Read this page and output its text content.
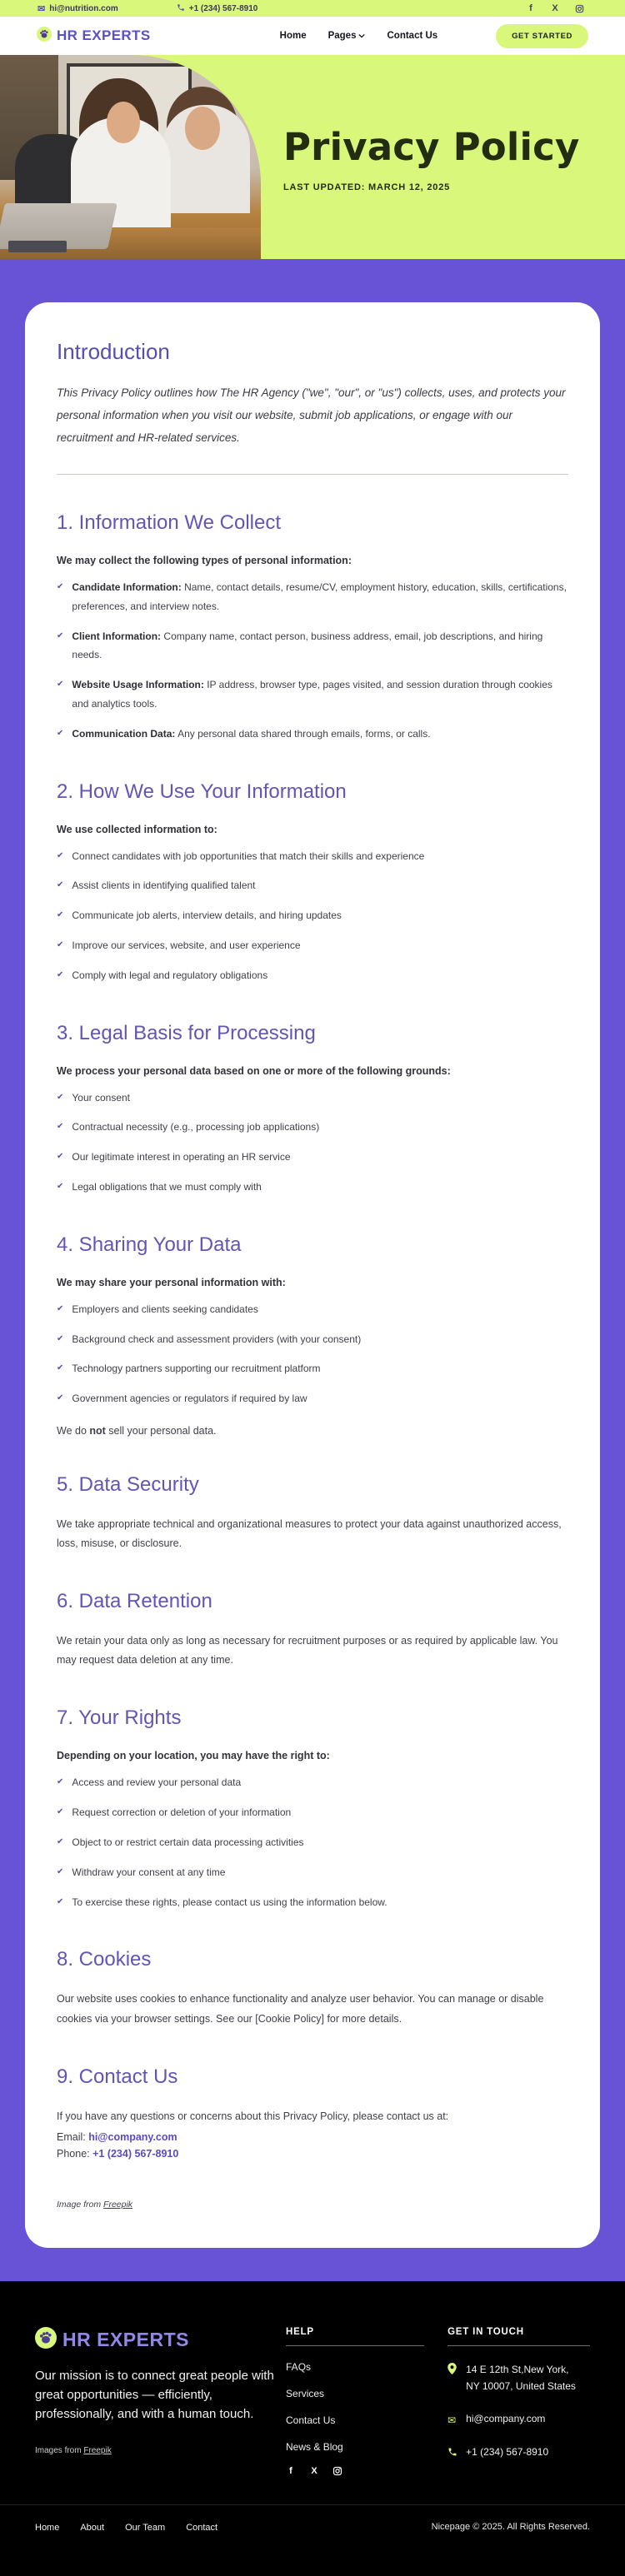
✉ hi@nutrition.com	+1 (234) 567-8910	f	X
HR EXPERTS	Home Pages	Contact Us	GET STARTED
Privacy Policy
LAST UPDATED: MARCH 12, 2025
Introduction

This Privacy Policy outlines how The HR Agency ("we", "our", or "us") collects, uses, and protects your personal information when you visit our website, submit job applications, or engage with our recruitment and HR-related services.

1. Information We Collect

We may collect the following types of personal information:

✔ Candidate Information: Name, contact details, resume/CV, employment history, education, skills, certifications, preferences, and interview notes.
✔ Client Information: Company name, contact person, business address, email, job descriptions, and hiring needs.
✔ Website Usage Information: IP address, browser type, pages visited, and session duration through cookies and analytics tools.
✔ Communication Data: Any personal data shared through emails, forms, or calls.
2. How We Use Your Information

We use collected information to:

✔ Connect candidates with job opportunities that match their skills and experience
✔ Assist clients in identifying qualified talent
✔ Communicate job alerts, interview details, and hiring updates
✔ Improve our services, website, and user experience
✔ Comply with legal and regulatory obligations
3. Legal Basis for Processing

We process your personal data based on one or more of the following grounds:

✔ Your consent
✔ Contractual necessity (e.g., processing job applications)
✔ Our legitimate interest in operating an HR service
✔ Legal obligations that we must comply with
4. Sharing Your Data

We may share your personal information with:

✔ Employers and clients seeking candidates
✔ Background check and assessment providers (with your consent)
✔ Technology partners supporting our recruitment platform
✔ Government agencies or regulators if required by law

We do not sell your personal data.

5. Data Security

We take appropriate technical and organizational measures to protect your data against unauthorized access, loss, misuse, or disclosure.

6. Data Retention

We retain your data only as long as necessary for recruitment purposes or as required by applicable law. You may request data deletion at any time.

7. Your Rights

Depending on your location, you may have the right to:

✔ Access and review your personal data
✔ Request correction or deletion of your information
✔ Object to or restrict certain data processing activities
✔ Withdraw your consent at any time
✔ To exercise these rights, please contact us using the information below.
8. Cookies

Our website uses cookies to enhance functionality and analyze user behavior. You can manage or disable cookies via your browser settings. See our [Cookie Policy] for more details.

9. Contact Us

If you have any questions or concerns about this Privacy Policy, please contact us at:

Email: hi@company.com

Phone: +1 (234) 567-8910

Image from Freepik

HR EXPERTS

Our mission is to connect great people with great opportunities — efficiently, professionally, and with a human touch.

Images from Freepik

HELP
FAQs
Services
Contact Us
News & Blog
f	X
GET IN TOUCH
14 E 12th St,New York,
NY 10007, United States
✉ hi@company.com
+1 (234) 567-8910
Home About Our Team Contact	Nicepage © 2025. All Rights Reserved.
